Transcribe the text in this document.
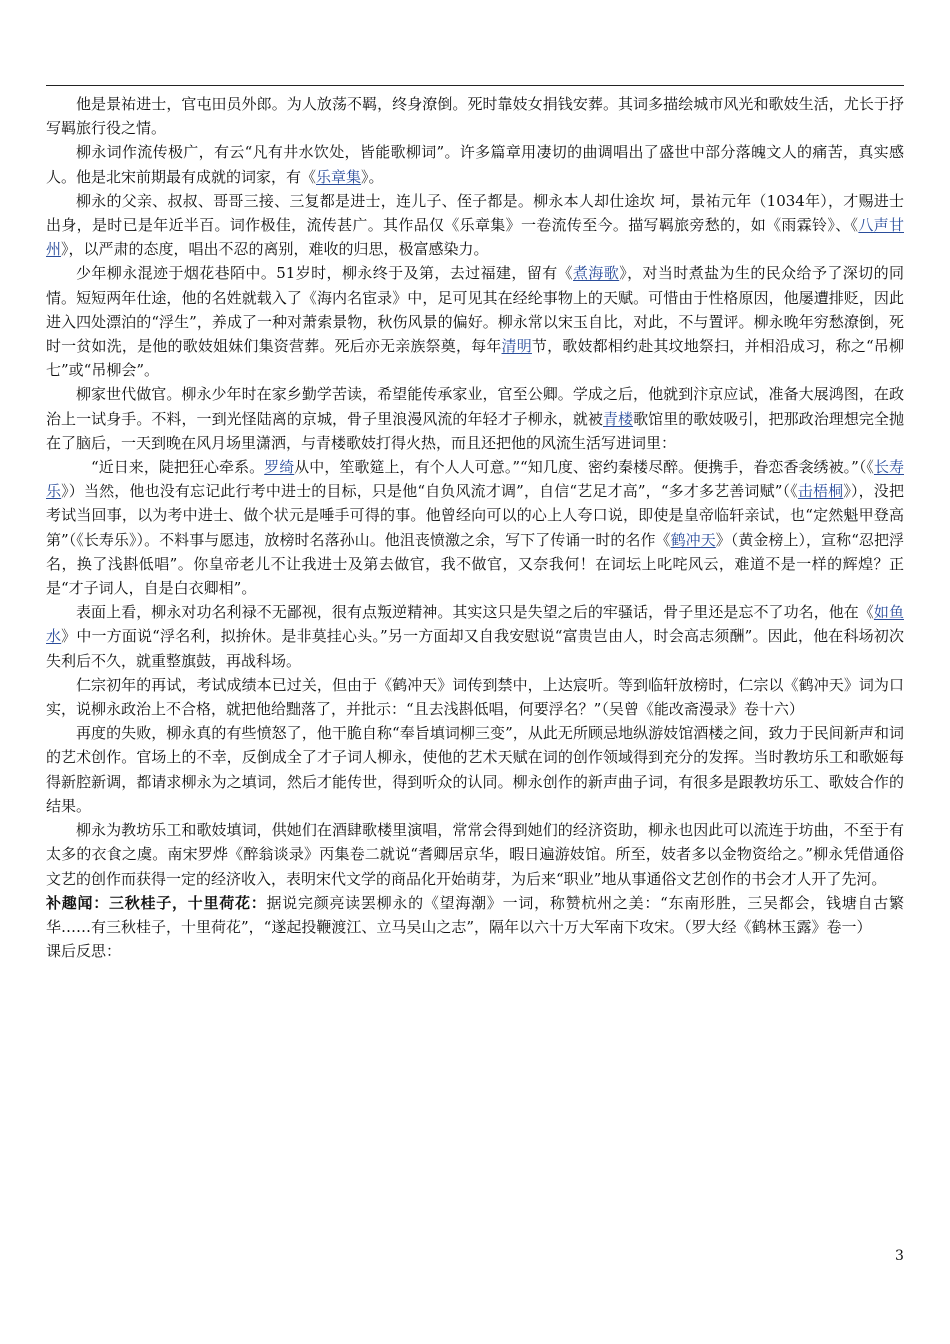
他是景祐进士，官屯田员外郎。为人放荡不羁，终身潦倒。死时靠妓女捐钱安葬。其词多描绘城市风光和歌妓生活，尤长于抒写羁旅行役之情。

柳永词作流传极广，有云“凡有井水饮处，皆能歌柳词”。许多篇章用凄切的曲调唱出了盛世中部分落魄文人的痛苦，真实感人。他是北宋前期最有成就的词家，有《乐章集》。

柳永的父亲、叔叔、哥哥三接、三复都是进士，连儿子、侄子都是。柳永本人却仕途坎 坷，景祐元年（1034年），才赐进士出身，是时已是年近半百。词作极佳，流传甚广。其作品仅《乐章集》一卷流传至今。描写羁旅旁愁的，如《雨霖铃》、《八声甘州》，以严肃的态度，唱出不忍的离别，难收的归思，极富感染力。

少年柳永混迹于烟花巷陌中。51岁时，柳永终于及第，去过福建，留有《煮海歌》，对当时煮盐为生的民众给予了深切的同情。短短两年仕途，他的名姓就载入了《海内名宦录》中，足可见其在经纶事物上的天赋。可惜由于性格原因，他屡遭排贬，因此进入四处漂泊的“浮生”，养成了一种对萧索景物，秋伤风景的偏好。柳永常以宋玉自比，对此，不与置评。柳永晚年穷愁潦倒，死时一贫如洗，是他的歌妓姐妹们集资营葬。死后亦无亲族祭奠，每年清明节，歌妓都相约赴其坟地祭扫，并相沿成习，称之“吊柳七”或“吊柳会”。

柳家世代做官。柳永少年时在家乡勤学苦读，希望能传承家业，官至公卿。学成之后，他就到汴京应试，准备大展鸿图，在政治上一试身手。不料，一到光怪陆离的京城，骨子里浪漫风流的年轻才子柳永，就被青楼歌馆里的歌妓吸引，把那政治理想完全抛在了脑后，一天到晚在风月场里潇洒，与青楼歌妓打得火热，而且还把他的风流生活写进词里：

“近日来，陡把狂心牵系。罗绮从中，笙歌筵上，有个人人可意。”“知几度、密约秦楼尽醉。便携手，眷恋香衾绣被。”（《长寿乐》）当然，他也没有忘记此行考中进士的目标，只是他“自负风流才调”，自信“艺足才高”，“多才多艺善词赋”（《击梧桐》），没把考试当回事，以为考中进士、做个状元是唾手可得的事。他曾经向可以的心上人夸口说，即使是皇帝临轩亲试，也“定然魁甲登高第”（《长寿乐》）。不料事与愿违，放榜时名落孙山。他沮丧愤激之余，写下了传诵一时的名作《鹤冲天》（黄金榜上），宣称“忍把浮名，换了浅斟低唱”。你皇帝老儿不让我进士及第去做官，我不做官，又奈我何！在词坛上叱咤风云，难道不是一样的辉煌？正是“才子词人，自是白衣卿相”。

表面上看，柳永对功名利禄不无鄙视，很有点叛逆精神。其实这只是失望之后的牢骚话，骨子里还是忘不了功名，他在《如鱼水》中一方面说“浮名利，拟拚休。是非莫挂心头。”另一方面却又自我安慰说“富贵岂由人，时会高志须酬”。因此，他在科场初次失利后不久，就重整旗鼓，再战科场。

仁宗初年的再试，考试成绩本已过关，但由于《鹤冲天》词传到禁中，上达宸听。等到临轩放榜时，仁宗以《鹤冲天》词为口实，说柳永政治上不合格，就把他给黜落了，并批示：“且去浅斟低唱，何要浮名？”（吴曾《能改斋漫录》卷十六）

再度的失败，柳永真的有些愤怒了，他干脆自称“奉旨填词柳三变”，从此无所顾忌地纵游妓馆酒楼之间，致力于民间新声和词的艺术创作。官场上的不幸，反倒成全了才子词人柳永，使他的艺术天赋在词的创作领域得到充分的发挥。当时教坊乐工和歌姬每得新腔新调，都请求柳永为之填词，然后才能传世，得到听众的认同。柳永创作的新声曲子词，有很多是跟教坊乐工、歌妓合作的结果。

柳永为教坊乐工和歌妓填词，供她们在酒肆歌楼里演唱，常常会得到她们的经济资助，柳永也因此可以流连于坊曲，不至于有太多的衣食之虞。南宋罗烨《醉翁谈录》丙集卷二就说“耆卿居京华，暇日遍游妓馆。所至，妓者多以金物资给之。”柳永凭借通俗文艺的创作而获得一定的经济收入，表明宋代文学的商品化开始萌芽，为后来“职业”地从事通俗文艺创作的书会才人开了先河。

补趣闻：三秋桂子，十里荷花：据说完颜亮读罢柳永的《望海潮》一词，称赞杭州之美：“东南形胜，三吴都会，钱塘自古繁华……有三秋桂子，十里荷花”，“遂起投鞭渡江、立马吴山之志”，隔年以六十万大军南下攻宋。（罗大经《鹤林玉露》卷一）

课后反思：

3
